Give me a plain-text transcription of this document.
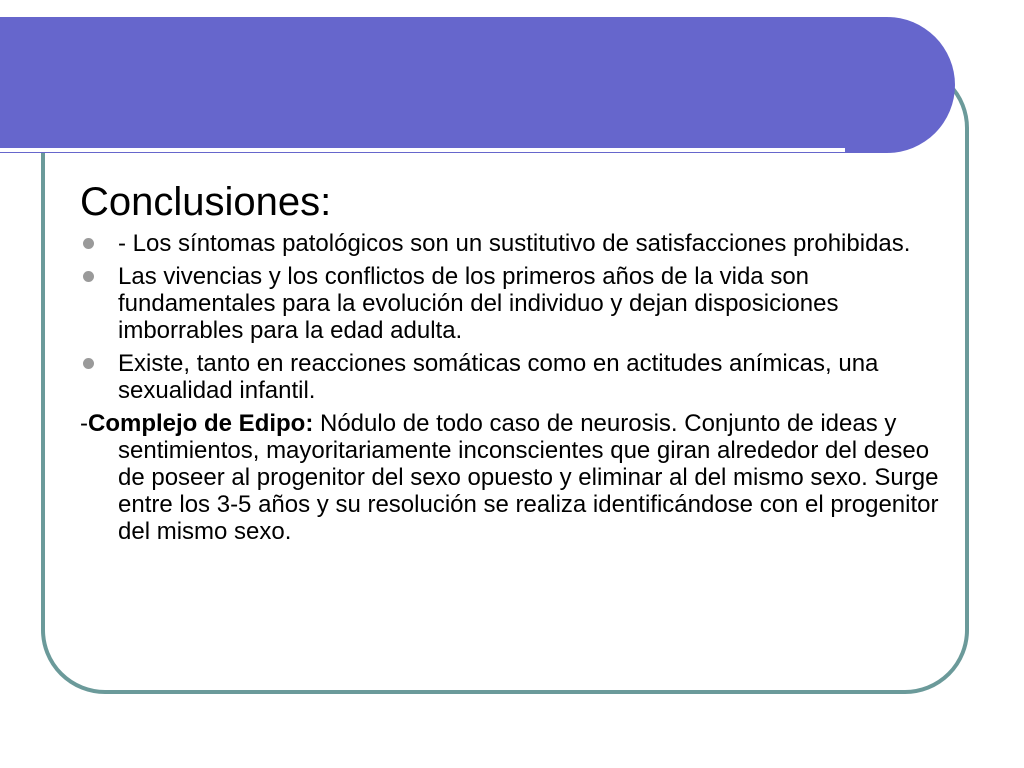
Conclusiones:
- Los síntomas patológicos son un sustitutivo de satisfacciones prohibidas.
Las vivencias y los conflictos de los primeros años de la vida son fundamentales para la evolución del individuo y dejan disposiciones imborrables para la edad adulta.
Existe, tanto en reacciones somáticas como en actitudes anímicas, una sexualidad infantil.

-Complejo de Edipo: Nódulo de todo caso de neurosis. Conjunto de ideas y sentimientos, mayoritariamente inconscientes que giran alrededor del deseo de poseer al progenitor del sexo opuesto y eliminar al del mismo sexo. Surge entre los 3-5 años y su resolución se realiza identificándose con el progenitor del mismo sexo.
